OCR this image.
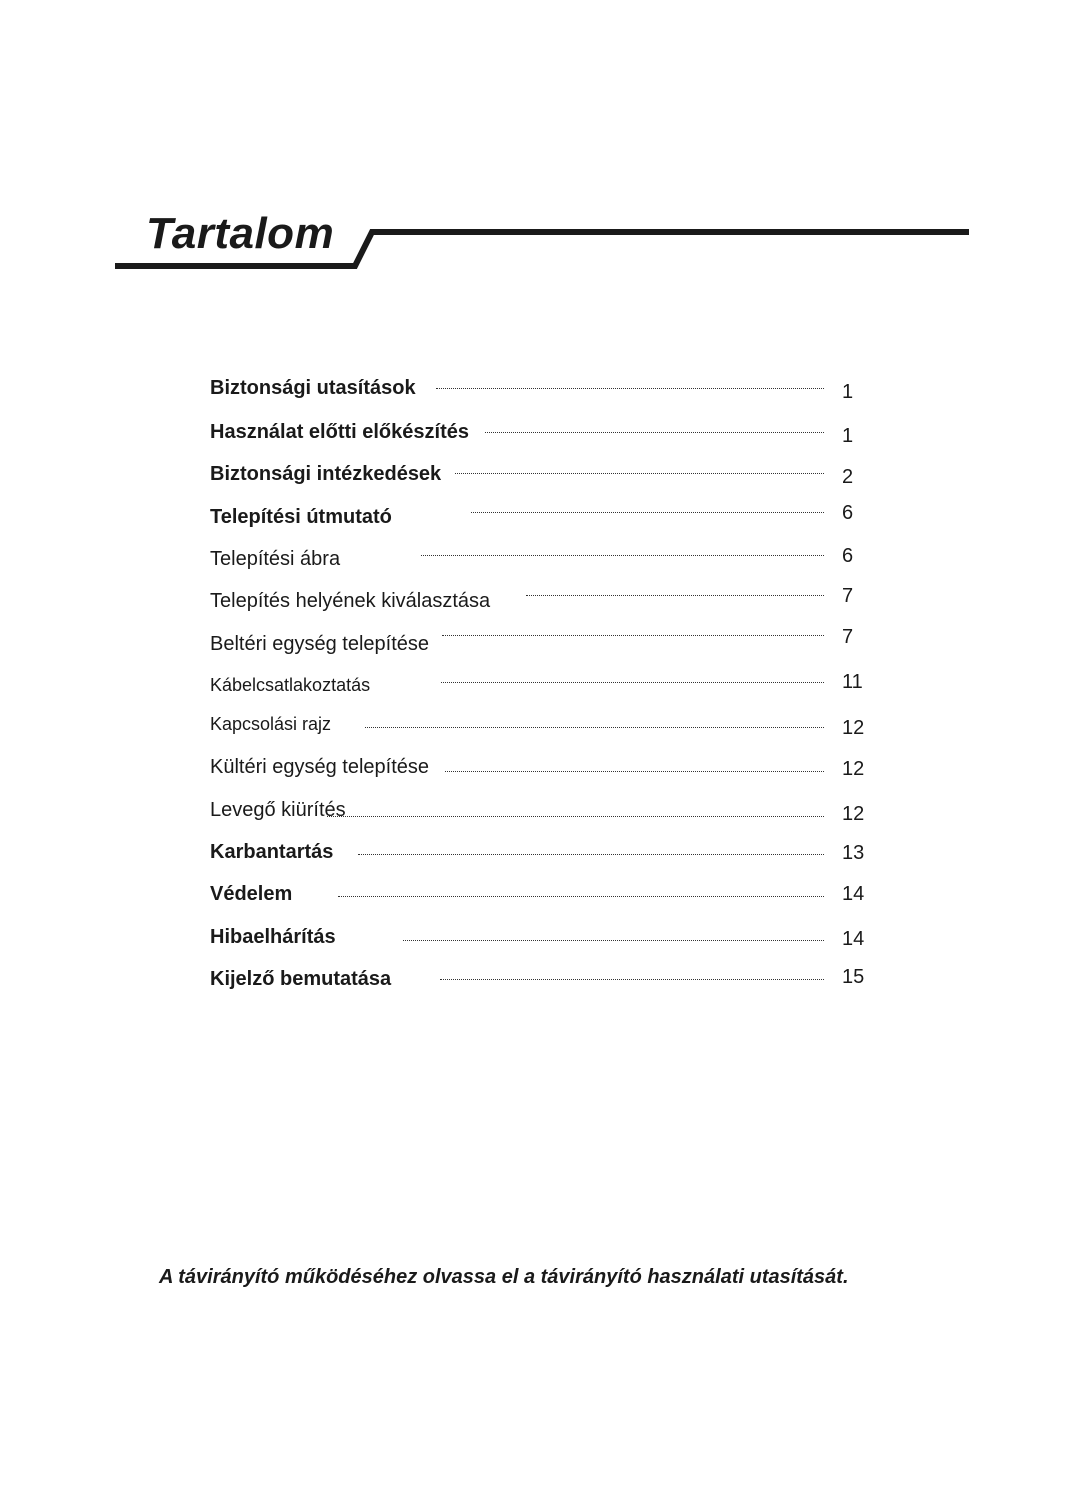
Tartalom
Biztonsági utasítások	1
Használat előtti előkészítés	1
Biztonsági intézkedések	2
Telepítési útmutató	6
Telepítési ábra	6
Telepítés helyének kiválasztása	7
Beltéri egység telepítése	7
Kábelcsatlakoztatás	11
Kapcsolási rajz	12
Kültéri egység telepítése	12
Levegő kiürítés	12
Karbantartás	13
Védelem	14
Hibaelhárítás	14
Kijelző bemutatása	15
A távirányító működéséhez olvassa el a távirányító használati utasítását.
